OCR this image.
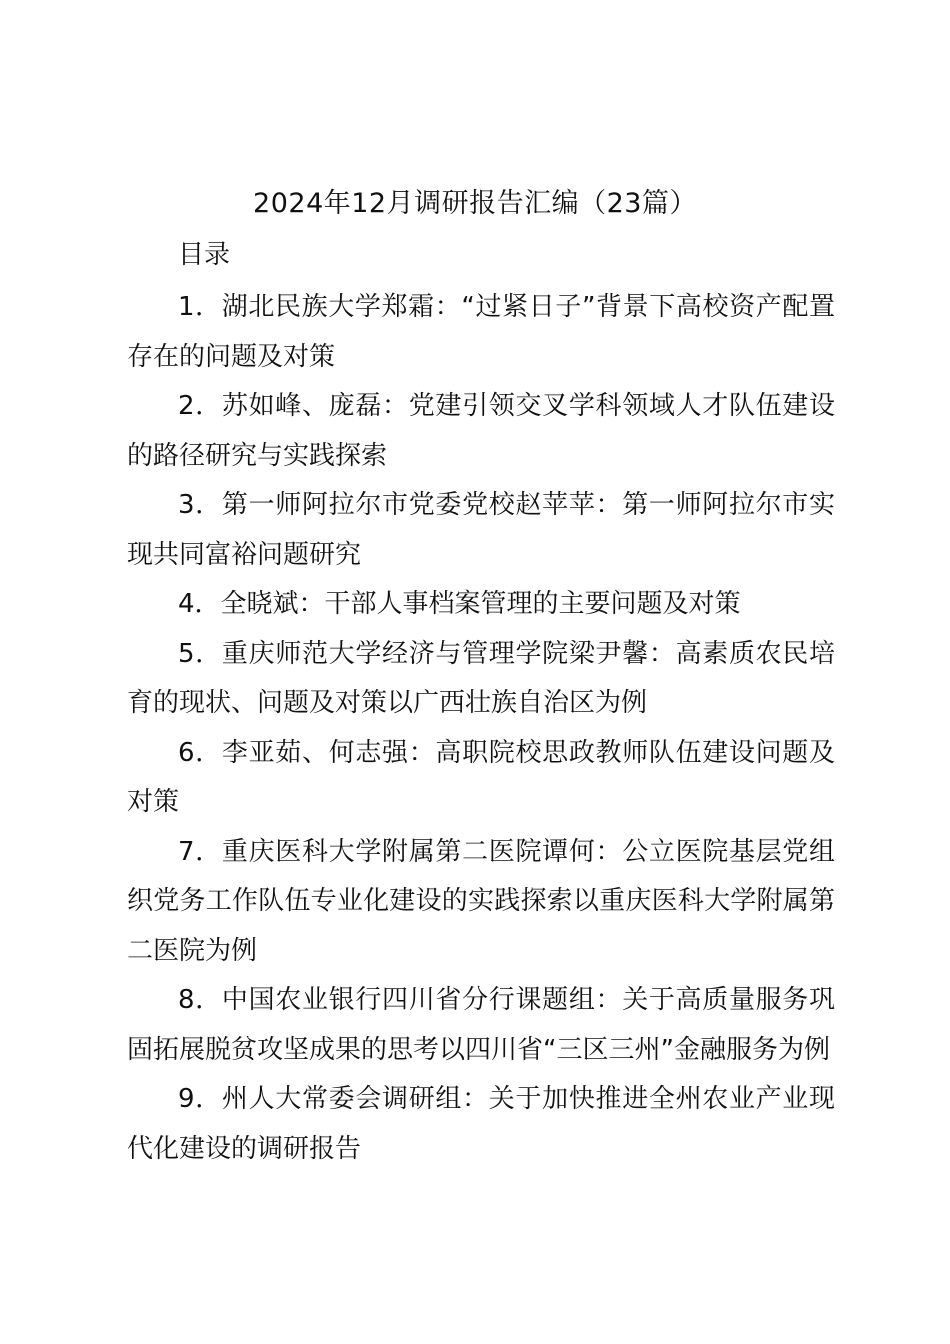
2024年12月调研报告汇编（23篇）
目录
1．湖北民族大学郑霜：“过紧日子”背景下高校资产配置存在的问题及对策
2．苏如峰、庞磊：党建引领交叉学科领域人才队伍建设的路径研究与实践探索
3．第一师阿拉尔市党委党校赵苹苹：第一师阿拉尔市实现共同富裕问题研究
4．全晓斌：干部人事档案管理的主要问题及对策
5．重庆师范大学经济与管理学院梁尹馨：高素质农民培育的现状、问题及对策以广西壮族自治区为例
6．李亚茹、何志强：高职院校思政教师队伍建设问题及对策
7．重庆医科大学附属第二医院谭何：公立医院基层党组织党务工作队伍专业化建设的实践探索以重庆医科大学附属第二医院为例
8．中国农业银行四川省分行课题组：关于高质量服务巩固拓展脱贫攻坚成果的思考以四川省“三区三州”金融服务为例
9．州人大常委会调研组：关于加快推进全州农业产业现代化建设的调研报告
